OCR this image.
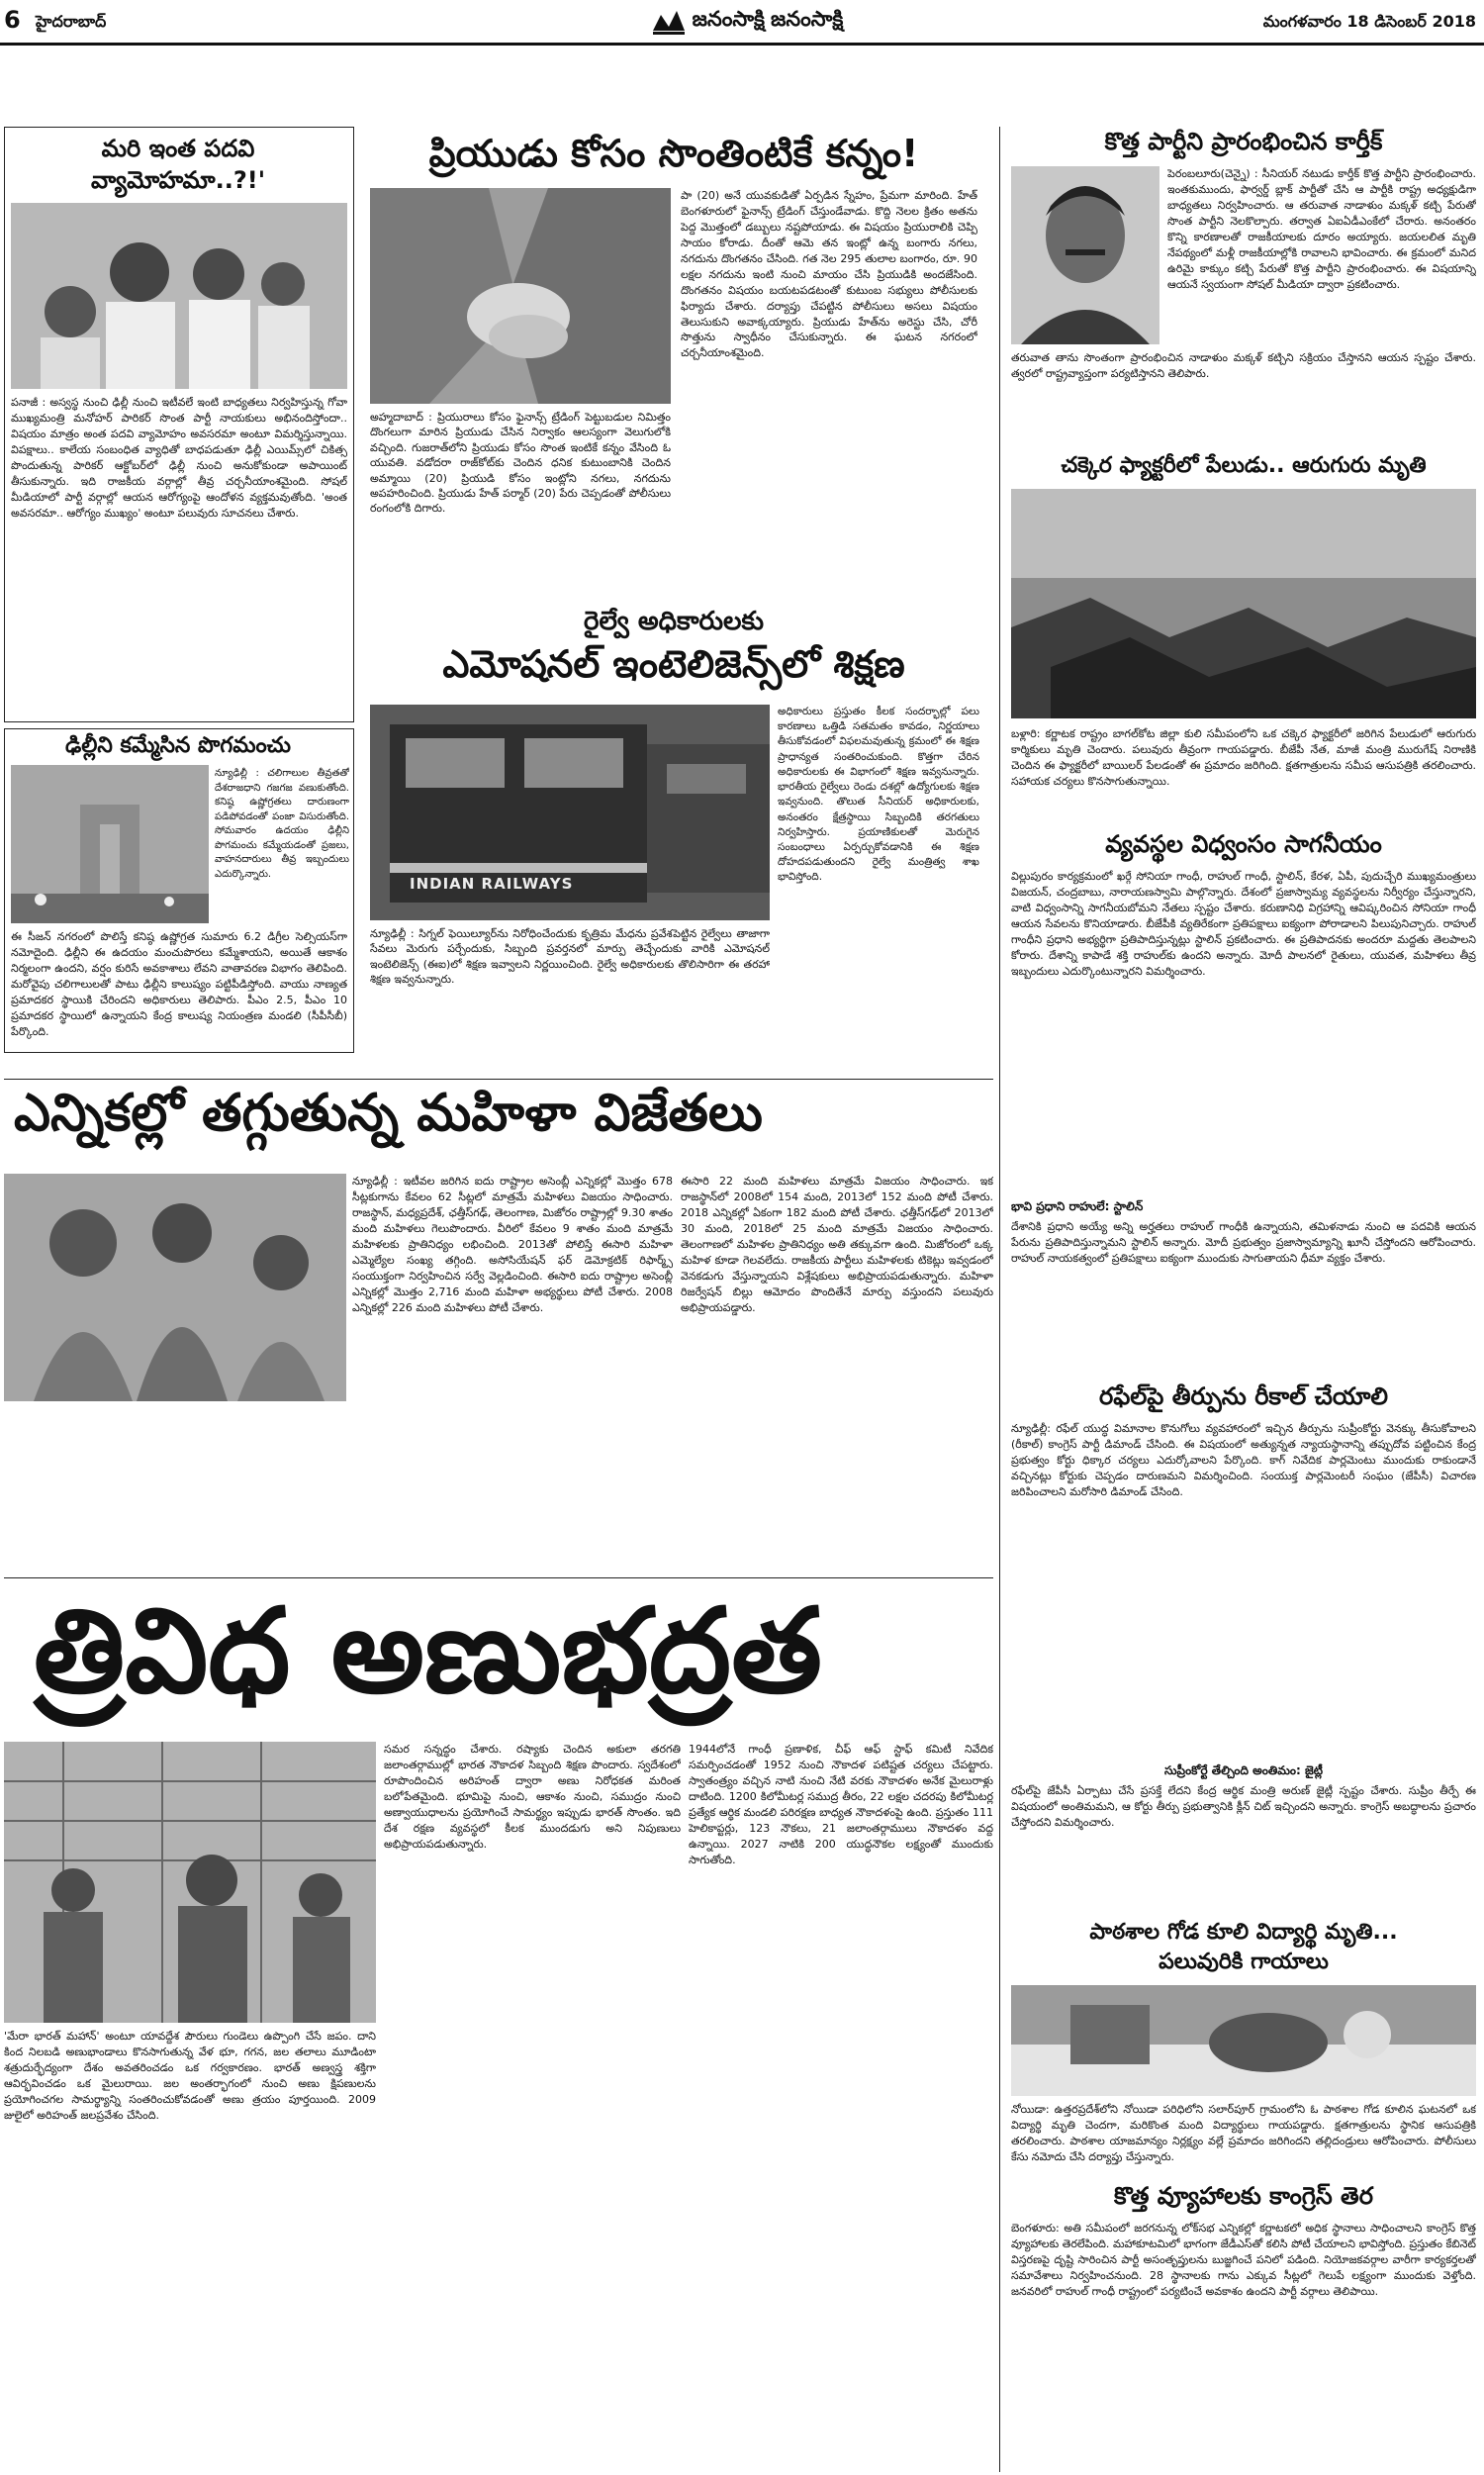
6 హైదరాబాద్	జనంసాక్షి జనంసాక్షి	మంగళవారం 18 డిసెంబర్ 2018
మరి ఇంత పదవి
వ్యామోహమా..?!'
పనాజీ : అస్వస్థ నుంచి ఢిల్లీ నుంచి ఇటీవలే ఇంటి బాధ్యతలు నిర్వహిస్తున్న గోవా ముఖ్యమంత్రి మనోహర్ పారికర్ సొంత పార్టీ నాయకులు అభినందిస్తోందా.. విషయం మాత్రం అంత పదవి వ్యామోహం అవసరమా అంటూ విమర్శిస్తున్నాయి. విపక్షాలు.. కాలేయ సంబంధిత వ్యాధితో బాధపడుతూ ఢిల్లీ ఎయిమ్స్‌లో చికిత్స పొందుతున్న పారికర్ ఆక్టోబర్‌లో ఢిల్లీ నుంచి అనుకోకుండా అపాయింట్ తీసుకున్నారు. ఇది రాజకీయ వర్గాల్లో తీవ్ర చర్చనీయాంశమైంది. సోషల్ మీడియాలో పార్టీ వర్గాల్లో ఆయన ఆరోగ్యంపై ఆందోళన వ్యక్తమవుతోంది. 'అంత అవసరమా.. ఆరోగ్యం ముఖ్యం' అంటూ పలువురు సూచనలు చేశారు.
ఢిల్లీని కమ్మేసిన పొగమంచు
న్యూఢిల్లీ : చలిగాలుల తీవ్రతతో దేశరాజధాని గజగజ వణుకుతోంది. కనిష్ఠ ఉష్ణోగ్రతలు దారుణంగా పడిపోవడంతో పంజా విసురుతోంది. సోమవారం ఉదయం ఢిల్లీని పొగమంచు కమ్మేయడంతో ప్రజలు, వాహనదారులు తీవ్ర ఇబ్బందులు ఎదుర్కొన్నారు.
ఈ సీజన్ నగరంలో పొలిస్తే కనిష్ఠ ఉష్ణోగ్రత సుమారు 6.2 డిగ్రీల సెల్సియస్‌గా నమోదైంది. ఢిల్లీని ఈ ఉదయం మంచుపొరలు కమ్మేశాయని, అయితే ఆకాశం నిర్మలంగా ఉందని, వర్షం కురిసే అవకాశాలు లేవని వాతావరణ విభాగం తెలిపింది. మరోవైపు చలిగాలులతో పాటు ఢిల్లీని కాలుష్యం పట్టిపీడిస్తోంది. వాయు నాణ్యత ప్రమాదకర స్థాయికి చేరిందని అధికారులు తెలిపారు. పీఎం 2.5, పీఎం 10 ప్రమాదకర స్థాయిలో ఉన్నాయని కేంద్ర కాలుష్య నియంత్రణ మండలి (సీపీసీబీ) పేర్కొంది.
ప్రియుడు కోసం సొంతింటికే కన్నం!
అహ్మదాబాద్ : ప్రియురాలు కోసం ఫైనాన్స్ ట్రేడింగ్ పెట్టుబడుల నిమిత్తం దొంగలుగా మారిన ప్రియుడు చేసిన నిర్వాకం ఆలస్యంగా వెలుగులోకి వచ్చింది. గుజరాత్‌లోని ప్రియుడు కోసం సొంత ఇంటికే కన్నం వేసింది ఓ యువతి. వడోదరా రాజ్‌కోట్‌కు చెందిన ధనిక కుటుంబానికి చెందిన అమ్మాయి (20) ప్రియుడి కోసం ఇంట్లోని నగలు, నగదును అపహరించింది. ప్రియుడు హేత్ పర్మార్ (20) పేరు చెప్పడంతో పోలీసులు రంగంలోకి దిగారు.
పా (20) అనే యువకుడితో ఏర్పడిన స్నేహం, ప్రేమగా మారింది. హేత్ బెంగళూరులో ఫైనాన్స్ ట్రేడింగ్ చేస్తుండేవాడు. కొద్ది నెలల క్రితం అతను పెద్ద మొత్తంలో డబ్బులు నష్టపోయాడు. ఈ విషయం ప్రియురాలికి చెప్పి సాయం కోరాడు. దీంతో ఆమె తన ఇంట్లో ఉన్న బంగారు నగలు, నగదును దొంగతనం చేసింది. గత నెల 295 తులాల బంగారం, రూ. 90 లక్షల నగదును ఇంటి నుంచి మాయం చేసి ప్రియుడికి అందజేసింది. దొంగతనం విషయం బయటపడటంతో కుటుంబ సభ్యులు పోలీసులకు ఫిర్యాదు చేశారు. దర్యాప్తు చేపట్టిన పోలీసులు అసలు విషయం తెలుసుకుని అవాక్కయ్యారు. ప్రియుడు హేత్‌ను అరెస్టు చేసి, చోరీ సొత్తును స్వాధీనం చేసుకున్నారు. ఈ ఘటన నగరంలో చర్చనీయాంశమైంది.
రైల్వే అధికారులకు
ఎమోషనల్ ఇంటెలిజెన్స్‌లో శిక్షణ
INDIAN RAILWAYS
అధికారులు ప్రస్తుతం కీలక సందర్భాల్లో పలు కారణాలు ఒత్తిడి సతమతం కావడం, నిర్ణయాలు తీసుకోవడంలో విఫలమవుతున్న క్రమంలో ఈ శిక్షణ ప్రాధాన్యత సంతరించుకుంది. కొత్తగా చేరిన అధికారులకు ఈ విభాగంలో శిక్షణ ఇవ్వనున్నారు. భారతీయ రైల్వేలు రెండు దశల్లో ఉద్యోగులకు శిక్షణ ఇవ్వనుంది. తొలుత సీనియర్ అధికారులకు, అనంతరం క్షేత్రస్థాయి సిబ్బందికి తరగతులు నిర్వహిస్తారు. ప్రయాణికులతో మెరుగైన సంబంధాలు ఏర్పర్చుకోవడానికి ఈ శిక్షణ దోహదపడుతుందని రైల్వే మంత్రిత్వ శాఖ భావిస్తోంది.
న్యూఢిల్లీ : సిగ్నల్ ఫెయిల్యూర్‌ను నిరోధించేందుకు కృత్రిమ మేధను ప్రవేశపెట్టిన రైల్వేలు తాజాగా సేవలు మెరుగు పర్చేందుకు, సిబ్బంది ప్రవర్తనలో మార్పు తెచ్చేందుకు వారికి ఎమోషనల్ ఇంటెలిజెన్స్ (ఈఐ)లో శిక్షణ ఇవ్వాలని నిర్ణయించింది. రైల్వే అధికారులకు తొలిసారిగా ఈ తరహా శిక్షణ ఇవ్వనున్నారు.
ఎన్నికల్లో తగ్గుతున్న మహిళా విజేతలు
న్యూఢిల్లీ : ఇటీవల జరిగిన ఐదు రాష్ట్రాల అసెంబ్లీ ఎన్నికల్లో మొత్తం 678 సీట్లకుగాను కేవలం 62 సీట్లలో మాత్రమే మహిళలు విజయం సాధించారు. రాజస్థాన్, మధ్యప్రదేశ్, ఛత్తీస్‌గఢ్, తెలంగాణ, మిజోరం రాష్ట్రాల్లో 9.30 శాతం మంది మహిళలు గెలుపొందారు. వీరిలో కేవలం 9 శాతం మంది మాత్రమే మహిళలకు ప్రాతినిధ్యం లభించింది. 2013తో పోలిస్తే ఈసారి మహిళా ఎమ్మెల్యేల సంఖ్య తగ్గింది. అసోసియేషన్ ఫర్ డెమోక్రటిక్ రిఫార్మ్స్ సంయుక్తంగా నిర్వహించిన సర్వే వెల్లడించింది. ఈసారి ఐదు రాష్ట్రాల అసెంబ్లీ ఎన్నికల్లో మొత్తం 2,716 మంది మహిళా అభ్యర్థులు పోటీ చేశారు. 2008 ఎన్నికల్లో 226 మంది మహిళలు పోటీ చేశారు.
ఈసారి 22 మంది మహిళలు మాత్రమే విజయం సాధించారు. ఇక రాజస్థాన్‌లో 2008లో 154 మంది, 2013లో 152 మంది పోటీ చేశారు. 2018 ఎన్నికల్లో ఏకంగా 182 మంది పోటీ చేశారు. ఛత్తీస్‌గఢ్‌లో 2013లో 30 మంది, 2018లో 25 మంది మాత్రమే విజయం సాధించారు. తెలంగాణలో మహిళల ప్రాతినిధ్యం అతి తక్కువగా ఉంది. మిజోరంలో ఒక్క మహిళ కూడా గెలవలేదు. రాజకీయ పార్టీలు మహిళలకు టికెట్లు ఇవ్వడంలో వెనకడుగు వేస్తున్నాయని విశ్లేషకులు అభిప్రాయపడుతున్నారు. మహిళా రిజర్వేషన్ బిల్లు ఆమోదం పొందితేనే మార్పు వస్తుందని పలువురు అభిప్రాయపడ్డారు.
త్రివిధ అణుభద్రత
'మేరా భారత్ మహాన్' అంటూ యావద్దేశ పౌరులు గుండెలు ఉప్పొంగి చేసే జపం. దాని కింద నిలబడి అణుభాండాలు కొనసాగుతున్న వేళ భూ, గగన, జల తలాలు మూడింటా శత్రుదుర్భేద్యంగా దేశం అవతరించడం ఒక గర్వకారణం. భారత్ అణ్వస్త్ర శక్తిగా ఆవిర్భవించడం ఒక మైలురాయి. జల అంతర్భాగంలో నుంచి అణు క్షిపణులను ప్రయోగించగల సామర్థ్యాన్ని సంతరించుకోవడంతో అణు త్రయం పూర్తయింది. 2009 జులైలో అరిహంత్ జలప్రవేశం చేసింది.
సమర సన్నద్ధం చేశారు. రష్యాకు చెందిన అకులా తరగతి జలాంతర్గాముల్లో భారత నౌకాదళ సిబ్బంది శిక్షణ పొందారు. స్వదేశంలో రూపొందించిన అరిహంత్ ద్వారా అణు నిరోధకత మరింత బలోపేతమైంది. భూమిపై నుంచి, ఆకాశం నుంచి, సముద్రం నుంచి అణ్వాయుధాలను ప్రయోగించే సామర్థ్యం ఇప్పుడు భారత్ సొంతం. ఇది దేశ రక్షణ వ్యవస్థలో కీలక ముందడుగు అని నిపుణులు అభిప్రాయపడుతున్నారు.
1944లోనే గాంధీ ప్రణాళిక, చీఫ్ ఆఫ్ స్టాఫ్ కమిటీ నివేదిక సమర్పించడంతో 1952 నుంచి నౌకాదళ పటిష్టత చర్యలు చేపట్టారు. స్వాతంత్ర్యం వచ్చిన నాటి నుంచి నేటి వరకు నౌకాదళం అనేక మైలురాళ్లు దాటింది. 1200 కిలోమీటర్ల సముద్ర తీరం, 22 లక్షల చదరపు కిలోమీటర్ల ప్రత్యేక ఆర్థిక మండలి పరిరక్షణ బాధ్యత నౌకాదళంపై ఉంది. ప్రస్తుతం 111 హెలికాప్టర్లు, 123 నౌకలు, 21 జలాంతర్గాములు నౌకాదళం వద్ద ఉన్నాయి. 2027 నాటికి 200 యుద్ధనౌకల లక్ష్యంతో ముందుకు సాగుతోంది.
కొత్త పార్టీని ప్రారంభించిన కార్తీక్
పెరంబలూరు(చెన్నై) : సీనియర్ నటుడు కార్తీక్ కొత్త పార్టీని ప్రారంభించారు. ఇంతకుముందు, ఫార్వర్డ్ బ్లాక్ పార్టీతో చేసి ఆ పార్టీకి రాష్ట్ర అధ్యక్షుడిగా బాధ్యతలు నిర్వహించారు. ఆ తరువాత నాడాళుం మక్కళ్ కట్చి పేరుతో సొంత పార్టీని నెలకొల్పారు. తర్వాత ఏఐఏడీఎంకేలో చేరారు. అనంతరం కొన్ని కారణాలతో రాజకీయాలకు దూరం అయ్యారు. జయలలిత మృతి నేపథ్యంలో మళ్లీ రాజకీయాల్లోకి రావాలని భావించారు. ఈ క్రమంలో మనిద ఉరిమై కాక్కుం కట్చి పేరుతో కొత్త పార్టీని ప్రారంభించారు. ఈ విషయాన్ని ఆయనే స్వయంగా సోషల్ మీడియా ద్వారా ప్రకటించారు.
తరువాత తాను సొంతంగా ప్రారంభించిన నాడాళుం మక్కళ్ కట్చిని సక్రియం చేస్తానని ఆయన స్పష్టం చేశారు. త్వరలో రాష్ట్రవ్యాప్తంగా పర్యటిస్తానని తెలిపారు.
చక్కెర ఫ్యాక్టరీలో పేలుడు.. ఆరుగురు మృతి
బళ్లారి: కర్ణాటక రాష్ట్రం బాగల్‌కోట జిల్లా కులి సమీపంలోని ఒక చక్కెర ఫ్యాక్టరీలో జరిగిన పేలుడులో ఆరుగురు కార్మికులు మృతి చెందారు. పలువురు తీవ్రంగా గాయపడ్డారు. బీజేపీ నేత, మాజీ మంత్రి మురుగేష్ నిరాణికి చెందిన ఈ ఫ్యాక్టరీలో బాయిలర్ పేలడంతో ఈ ప్రమాదం జరిగింది. క్షతగాత్రులను సమీప ఆసుపత్రికి తరలించారు. సహాయక చర్యలు కొనసాగుతున్నాయి.
వ్యవస్థల విధ్వంసం సాగనీయం
విల్లుపురం కార్యక్రమంలో ఖర్గే సోనియా గాంధీ, రాహుల్ గాంధీ, స్టాలిన్, కేరళ, ఏపీ, పుదుచ్చేరి ముఖ్యమంత్రులు విజయన్, చంద్రబాబు, నారాయణస్వామి పాల్గొన్నారు. దేశంలో ప్రజాస్వామ్య వ్యవస్థలను నిర్వీర్యం చేస్తున్నారని, వాటి విధ్వంసాన్ని సాగనీయబోమని నేతలు స్పష్టం చేశారు. కరుణానిధి విగ్రహాన్ని ఆవిష్కరించిన సోనియా గాంధీ ఆయన సేవలను కొనియాడారు. బీజేపీకి వ్యతిరేకంగా ప్రతిపక్షాలు ఐక్యంగా పోరాడాలని పిలుపునిచ్చారు. రాహుల్ గాంధీని ప్రధాని అభ్యర్థిగా ప్రతిపాదిస్తున్నట్లు స్టాలిన్ ప్రకటించారు. ఈ ప్రతిపాదనకు అందరూ మద్దతు తెలపాలని కోరారు. దేశాన్ని కాపాడే శక్తి రాహుల్‌కు ఉందని అన్నారు. మోదీ పాలనలో రైతులు, యువత, మహిళలు తీవ్ర ఇబ్బందులు ఎదుర్కొంటున్నారని విమర్శించారు.
భావి ప్రధాని రాహులే: స్టాలిన్
దేశానికి ప్రధాని అయ్యే అన్ని అర్హతలు రాహుల్ గాంధీకి ఉన్నాయని, తమిళనాడు నుంచి ఆ పదవికి ఆయన పేరును ప్రతిపాదిస్తున్నామని స్టాలిన్ అన్నారు. మోదీ ప్రభుత్వం ప్రజాస్వామ్యాన్ని ఖూనీ చేస్తోందని ఆరోపించారు. రాహుల్ నాయకత్వంలో ప్రతిపక్షాలు ఐక్యంగా ముందుకు సాగుతాయని ధీమా వ్యక్తం చేశారు.
రఫేల్‌పై తీర్పును రీకాల్ చేయాలి
న్యూఢిల్లీ: రఫేల్ యుద్ధ విమానాల కొనుగోలు వ్యవహారంలో ఇచ్చిన తీర్పును సుప్రీంకోర్టు వెనక్కు తీసుకోవాలని (రీకాల్) కాంగ్రెస్ పార్టీ డిమాండ్ చేసింది. ఈ విషయంలో అత్యున్నత న్యాయస్థానాన్ని తప్పుదోవ పట్టించిన కేంద్ర ప్రభుత్వం కోర్టు ధిక్కార చర్యలు ఎదుర్కోవాలని పేర్కొంది. కాగ్ నివేదిక పార్లమెంటు ముందుకు రాకుండానే వచ్చినట్లు కోర్టుకు చెప్పడం దారుణమని విమర్శించింది. సంయుక్త పార్లమెంటరీ సంఘం (జేపీసీ) విచారణ జరిపించాలని మరోసారి డిమాండ్ చేసింది.
సుప్రీంకోర్టే తేల్చింది అంతిమం: జైట్లీ
రఫేల్‌పై జేపీసీ ఏర్పాటు చేసే ప్రసక్తే లేదని కేంద్ర ఆర్థిక మంత్రి అరుణ్ జైట్లీ స్పష్టం చేశారు. సుప్రీం తీర్పే ఈ విషయంలో అంతిమమని, ఆ కోర్టు తీర్పు ప్రభుత్వానికి క్లీన్ చిట్ ఇచ్చిందని అన్నారు. కాంగ్రెస్ అబద్ధాలను ప్రచారం చేస్తోందని విమర్శించారు.
పాఠశాల గోడ కూలి విద్యార్థి మృతి...
పలువురికి గాయాలు
నోయిడా: ఉత్తరప్రదేశ్‌లోని నోయిడా పరిధిలోని సలార్‌పూర్ గ్రామంలోని ఓ పాఠశాల గోడ కూలిన ఘటనలో ఒక విద్యార్థి మృతి చెందగా, మరికొంత మంది విద్యార్థులు గాయపడ్డారు. క్షతగాత్రులను స్థానిక ఆసుపత్రికి తరలించారు. పాఠశాల యాజమాన్యం నిర్లక్ష్యం వల్లే ప్రమాదం జరిగిందని తల్లిదండ్రులు ఆరోపించారు. పోలీసులు కేసు నమోదు చేసి దర్యాప్తు చేస్తున్నారు.
కొత్త వ్యూహాలకు కాంగ్రెస్ తెర
బెంగళూరు: అతి సమీపంలో జరగనున్న లోక్‌సభ ఎన్నికల్లో కర్ణాటకలో అధిక స్థానాలు సాధించాలని కాంగ్రెస్ కొత్త వ్యూహాలకు తెరలేపింది. మహాకూటమిలో భాగంగా జేడీఎస్‌తో కలిసి పోటీ చేయాలని భావిస్తోంది. ప్రస్తుతం కేబినెట్ విస్తరణపై దృష్టి సారించిన పార్టీ అసంతృప్తులను బుజ్జగించే పనిలో పడింది. నియోజకవర్గాల వారీగా కార్యకర్తలతో సమావేశాలు నిర్వహించనుంది. 28 స్థానాలకు గాను ఎక్కువ సీట్లలో గెలుపే లక్ష్యంగా ముందుకు వెళ్తోంది. జనవరిలో రాహుల్ గాంధీ రాష్ట్రంలో పర్యటించే అవకాశం ఉందని పార్టీ వర్గాలు తెలిపాయి.
